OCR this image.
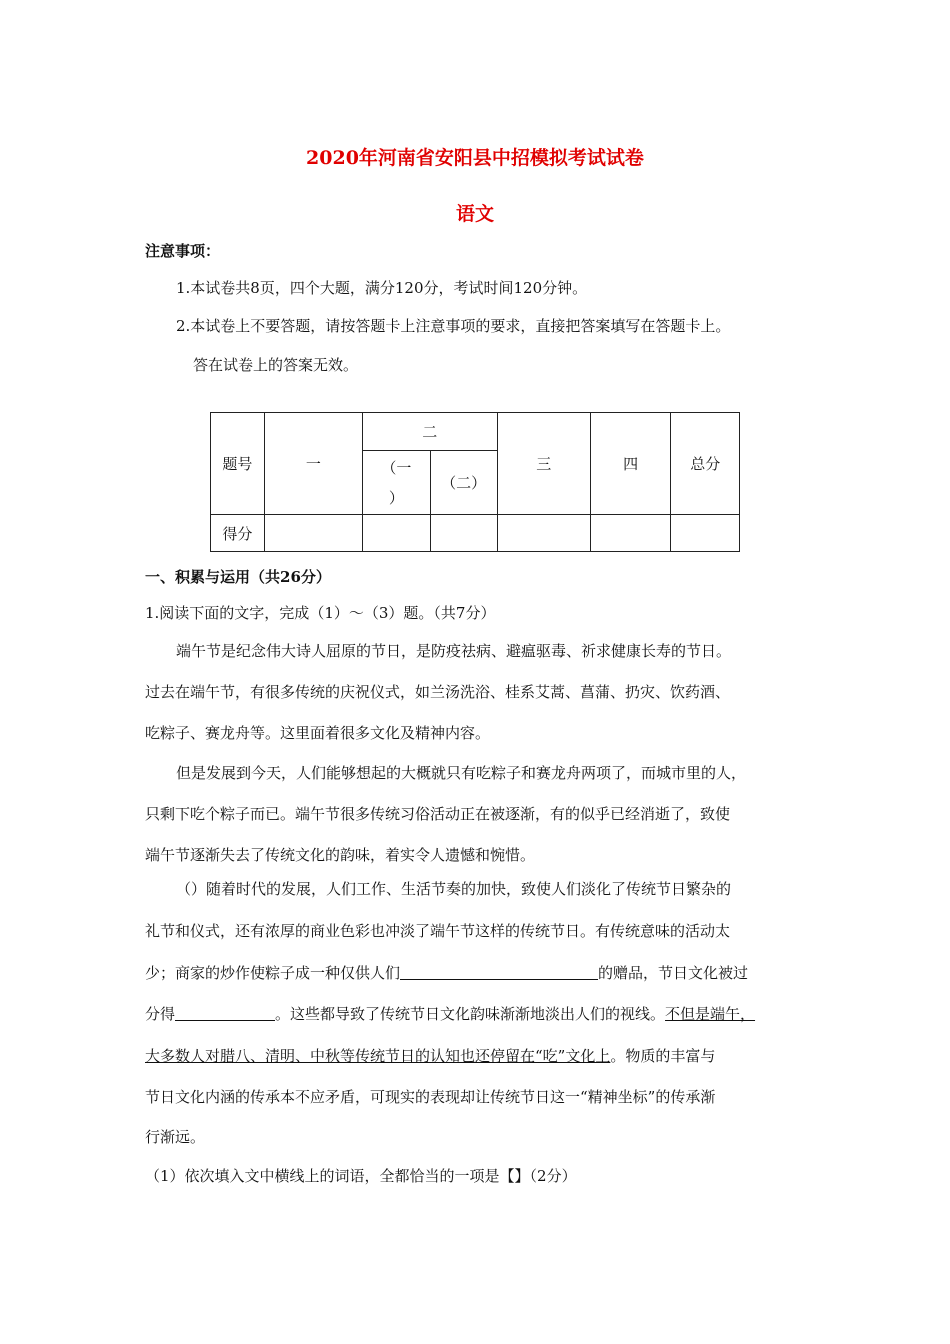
2020年河南省安阳县中招模拟考试试卷
语文
注意事项：
1.本试卷共8页，四个大题，满分120分，考试时间120分钟。
2.本试卷上不要答题，请按答题卡上注意事项的要求，直接把答案填写在答题卡上。
答在试卷上的答案无效。
题号	一	二		三	四	总分

		（一
）	（二）			
得分						
一、积累与运用（共26分）
1.阅读下面的文字，完成（1）～（3）题。（共7分）
端午节是纪念伟大诗人屈原的节日，是防疫祛病、避瘟驱毒、祈求健康长寿的节日。
过去在端午节，有很多传统的庆祝仪式，如兰汤洗浴、桂系艾蒿、菖蒲、扔灾、饮药酒、
吃粽子、赛龙舟等。这里面着很多文化及精神内容。
但是发展到今天，人们能够想起的大概就只有吃粽子和赛龙舟两项了，而城市里的人，
只剩下吃个粽子而已。端午节很多传统习俗活动正在被逐渐，有的似乎已经消逝了，致使
端午节逐渐失去了传统文化的韵味，着实令人遗憾和惋惜。
（）随着时代的发展，人们工作、生活节奏的加快，致使人们淡化了传统节日繁杂的
礼节和仪式，还有浓厚的商业色彩也冲淡了端午节这样的传统节日。有传统意味的活动太
少；商家的炒作使粽子成一种仅供人们	的赠品，节日文化被过
分得	。这些都导致了传统节日文化韵味渐渐地淡出人们的视线。不但是端午，
大多数人对腊八、清明、中秋等传统节日的认知也还停留在“吃”文化上。物质的丰富与
节日文化内涵的传承本不应矛盾，可现实的表现却让传统节日这一“精神坐标”的传承渐
行渐远。
（1）依次填入文中横线上的词语，全都恰当的一项是【】（2分）
